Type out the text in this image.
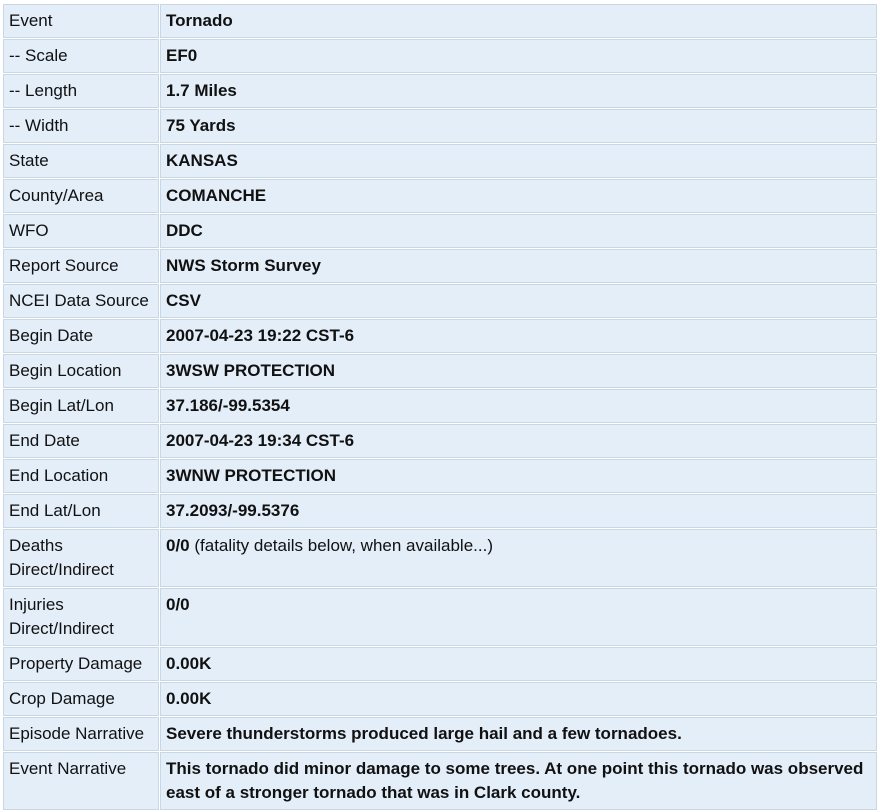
Event	Tornado
-- Scale	EF0
-- Length	1.7 Miles
-- Width	75 Yards
State	KANSAS
County/Area	COMANCHE
WFO	DDC
Report Source	NWS Storm Survey
NCEI Data Source	CSV
Begin Date	2007-04-23 19:22 CST-6
Begin Location	3WSW PROTECTION
Begin Lat/Lon	37.186/-99.5354
End Date	2007-04-23 19:34 CST-6
End Location	3WNW PROTECTION
End Lat/Lon	37.2093/-99.5376
Deaths Direct/Indirect	0/0 (fatality details below, when available...)
Injuries Direct/Indirect	0/0
Property Damage	0.00K
Crop Damage	0.00K
Episode Narrative	Severe thunderstorms produced large hail and a few tornadoes.
Event Narrative	This tornado did minor damage to some trees. At one point this tornado was observed east of a stronger tornado that was in Clark county.
